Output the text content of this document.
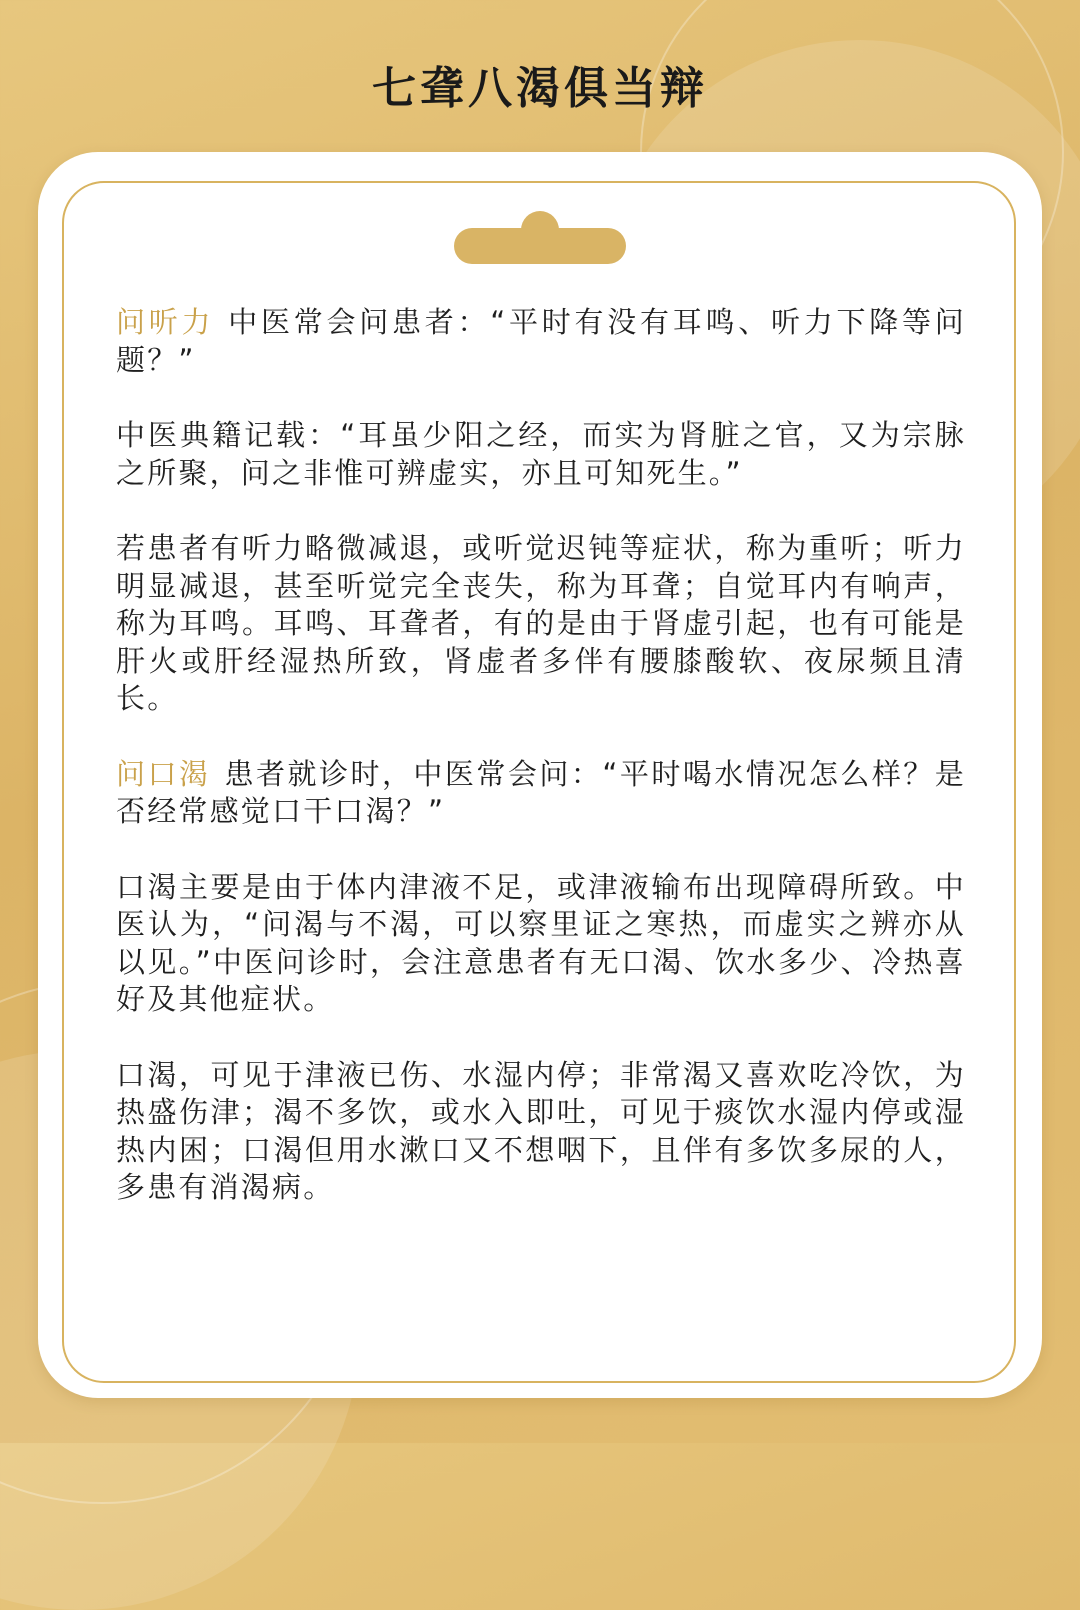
七聋八渴俱当辩

问听力 中医常会问患者：“平时有没有耳鸣、听力下降等问题？”

中医典籍记载：“耳虽少阳之经，而实为肾脏之官，又为宗脉之所聚，问之非惟可辨虚实，亦且可知死生。”

若患者有听力略微减退，或听觉迟钝等症状，称为重听；听力明显减退，甚至听觉完全丧失，称为耳聋；自觉耳内有响声，称为耳鸣。耳鸣、耳聋者，有的是由于肾虚引起，也有可能是肝火或肝经湿热所致，肾虚者多伴有腰膝酸软、夜尿频且清长。

问口渴 患者就诊时，中医常会问：“平时喝水情况怎么样？是否经常感觉口干口渴？”

口渴主要是由于体内津液不足，或津液输布出现障碍所致。中医认为，“问渴与不渴，可以察里证之寒热，而虚实之辨亦从以见。”中医问诊时，会注意患者有无口渴、饮水多少、冷热喜好及其他症状。

口渴，可见于津液已伤、水湿内停；非常渴又喜欢吃冷饮，为热盛伤津；渴不多饮，或水入即吐，可见于痰饮水湿内停或湿热内困；口渴但用水漱口又不想咽下，且伴有多饮多尿的人，多患有消渴病。
